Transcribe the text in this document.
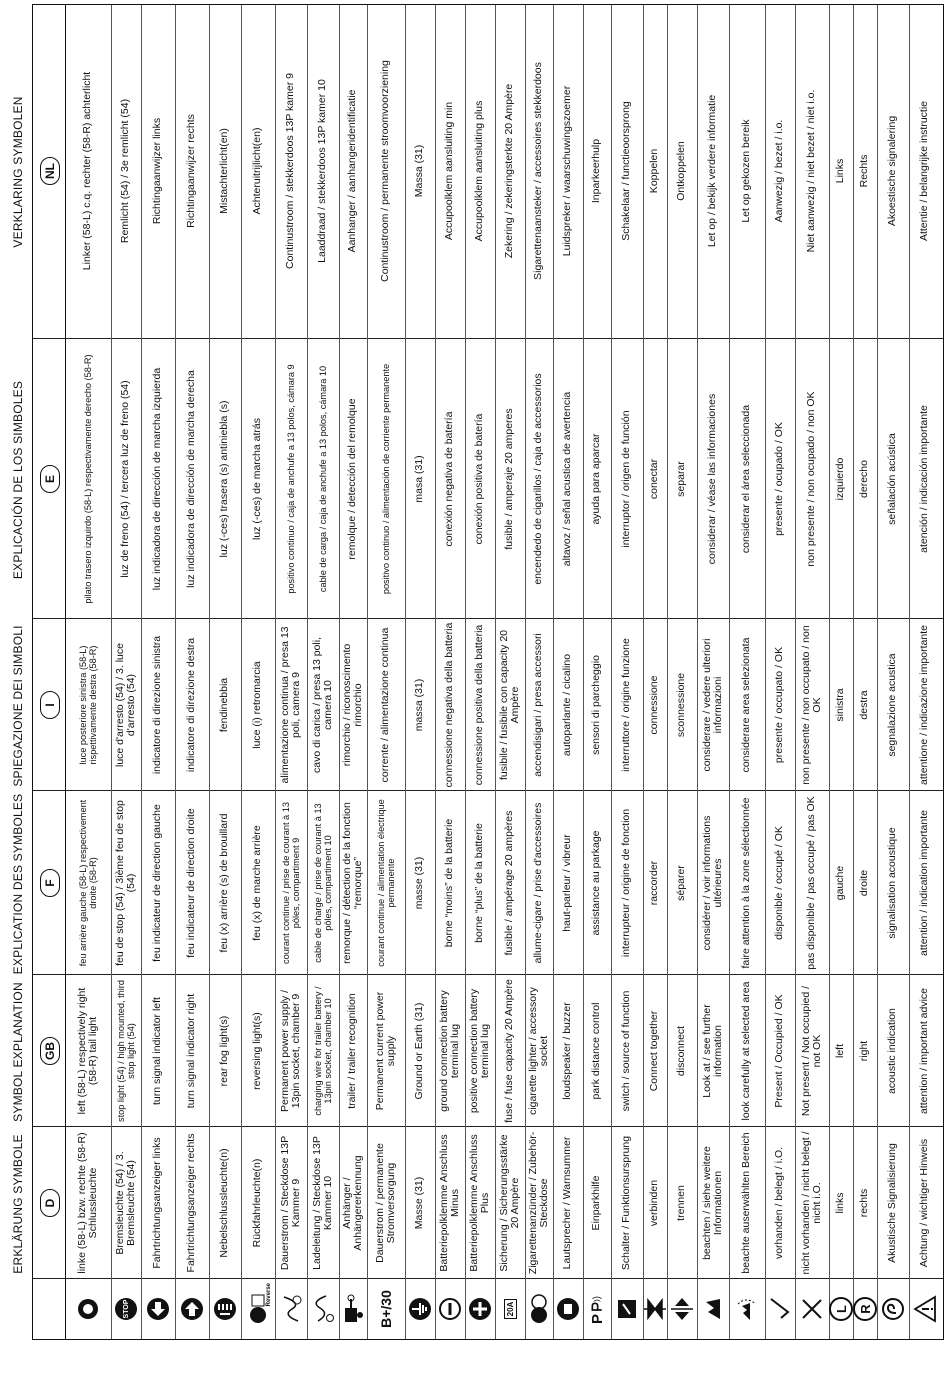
ERKLÄRUNG SYMBOLE
SYMBOL EXPLANATION
EXPLICATION DES SYMBOLES
SPIEGAZIONE DEI SIMBOLI
EXPLICACIÓN DE LOS SIMBOLES
VERKLARING SYMBOLEN
D
GB
F
I
E
NL
linke (58-L) bzw. rechte (58-R) Schlussleuchte
left (58-L) respectively right (58-R) tail light
feu arrière gauche (58-L) respectivement droite (58-R)
luce posteriore sinistra (58-L) rispettivamente destra (58-R)
pilato trasero izquirdo (58-L) respectivamente derecho (58-R)
Linker (58-L) c.q. rechter (58-R) achterlicht
STOP
Bremsleuchte (54) / 3. Bremsleuchte (54)
stop light (54) / high mounted, third stop light (54)
feu de stop (54) / 3ième feu de stop (54)
luce d'arresto (54) / 3. luce d'arresto (54)
luz de freno (54) / tercera luz de freno (54)
Remlicht (54) / 3e remlicht (54)
Fahrtrichtungsanzeiger links
turn signal indicator left
feu indicateur de direction gauche
indicatore di direzione sinistra
luz indicadora de dirección de marcha izquierda
Richtingaanwijzer links
Fahrtrichtungsanzeiger rechts
turn signal indicator right
feu indicateur de direction droite
indicatore di direzione destra
luz indicadora de dirección de marcha derecha
Richtingaanwijzer rechts
Nebelschlussleuchte(n)
rear fog light(s)
feu (x) arrière (s) de brouillard
fendinebbia
luz (-ces) trasera (s) antiniebla (s)
Mistachterlicht(en)
Reverse
Rückfahrleuchte(n)
reversing light(s)
feu (x) de marche arrière
luce (i) retromarcia
luz (-ces) de marcha atrás
Achteruitrijlicht(en)
Dauerstrom / Steckdose 13P Kammer 9
Permanent power supply / 13pin socket, chamber 9
courant continue / prise de courant à 13 pôles, compartiment 9
alimentazione continua / presa 13 poli, camera 9
positivo continuo / caja de anchufe a 13 polos, cámara 9
Continustroom / stekkerdoos 13P kamer 9
Ladeleitung / Steckdose 13P Kammer 10
charging wire for trailer battery / 13pin socket, chamber 10
cable de charge / prise de courant à 13 pôles, compartiment 10
cavo di carica / presa 13 poli, camera 10
cable de carga / caja de anchufe a 13 polos, cámara 10
Laaddraad / stekkerdoos 13P kamer 10
Anhänger / Anhängererkennung
trailer / trailer recognition
remorque / détection de la fonction “remorque”
rimorchio / riconoscimento rimorchio
remolque / detección del remolque
Aanhanger / aanhangeridentificatie
B+/30
Dauerstrom / permanente Stromversorgung
Permanent current power supply
courant continue / alimentation électrique permanente
corrente / alimentazione continua
positivo continuo / alimentación de corriente permanente
Continustroom / permanente stroomvoorziening
Masse (31)
Ground or Earth (31)
masse (31)
massa (31)
masa (31)
Massa (31)
Batteriepolklemme Anschluss Minus
ground connection battery terminal lug
borne “moins” de la batterie
connessione negativa della batteria
conexión negativa de batería
Accupoolklem aansluiting min
Batteriepolklemme Anschluss Plus
positive connection battery terminal lug
borne “plus” de la batterie
connessione positiva della batteria
conexión positiva de batería
Accupoolklem aansluiting plus
20A
Sicherung / Sicherungsstärke 20 Ampère
fuse / fuse capacity 20 Ampère
fusible / ampérage 20 ampères
fusibile / fusibile con capacity 20 Ampère
fusible / amperaje 20 amperes
Zekering / zekeringsterkte 20 Ampère
Zigarettenanzünder / Zubehör-Steckdose
cigarette lighter / accessory socket
allume-cigare / prise d'accessoires
accendisigari / presa accessori
encendedo de cigarillos / caja de accessorios
Sigarettenaansteker / accessoires stekkerdoos
Lautsprecher / Warnsummer
loudspeaker / buzzer
haut-parleur / vibreur
autoparlante / cicalino
altavoz / señal acustica de avertencia
Luidspreker / waarschuwingszoemer
P
Einparkhilfe
park distance control
assistance au parkage
sensori di parcheggio
ayuda para aparcar
Inparkeerhulp
Schalter / Funktionsursprung
switch / source of function
interrupteur / origine de fonction
interruttore / origine funzione
interruptor / origen de función
Schakelaar / functieoorsprong
verbinden
Connect together
raccorder
connessione
conectar
Koppelen
trennen
disconnect
séparer
sconnessione
separar
Ontkoppelen
beachten / siehe weitere Informationen
Look at / see further information
considérer / voir informations ultérieures
considerare / vedere ulteriori informazioni
considerar / véase las informaciones
Let op / bekijk verdere informatie
beachte auserwählten Bereich
look carefully at selected area
faire attention à la zone sélectionnée
considerare area selezionata
considerar el área seleccionada
Let op gekozen bereik
vorhanden / belegt / i.O.
Present / Occupied / OK
disponible / occupé / OK
presente / occupato / OK
presente / ocupado / OK
Aanwezig / bezet / i.o.
nicht vorhanden / nicht belegt / nicht i.O.
Not present / Not occupied / not OK
pas disponible / pas occupé / pas OK
non presente / non occupato / non OK
non presente / non ocupado / non OK
Niet aanwezig / niet bezet / niet i.o.
L
links
left
gauche
sinistra
izquierdo
Links
R
rechts
right
droite
destra
derecho
Rechts
Akustische Signalisierung
acoustic indication
signalisation acoustique
segnalazione acustica
señalación acústica
Akoestische signalering
Achtung / wichtiger Hinweis
attention / important advice
attention / indication importante
attentione / indicazione importante
atención / indicación importante
Attentie / belangrijke instructie
